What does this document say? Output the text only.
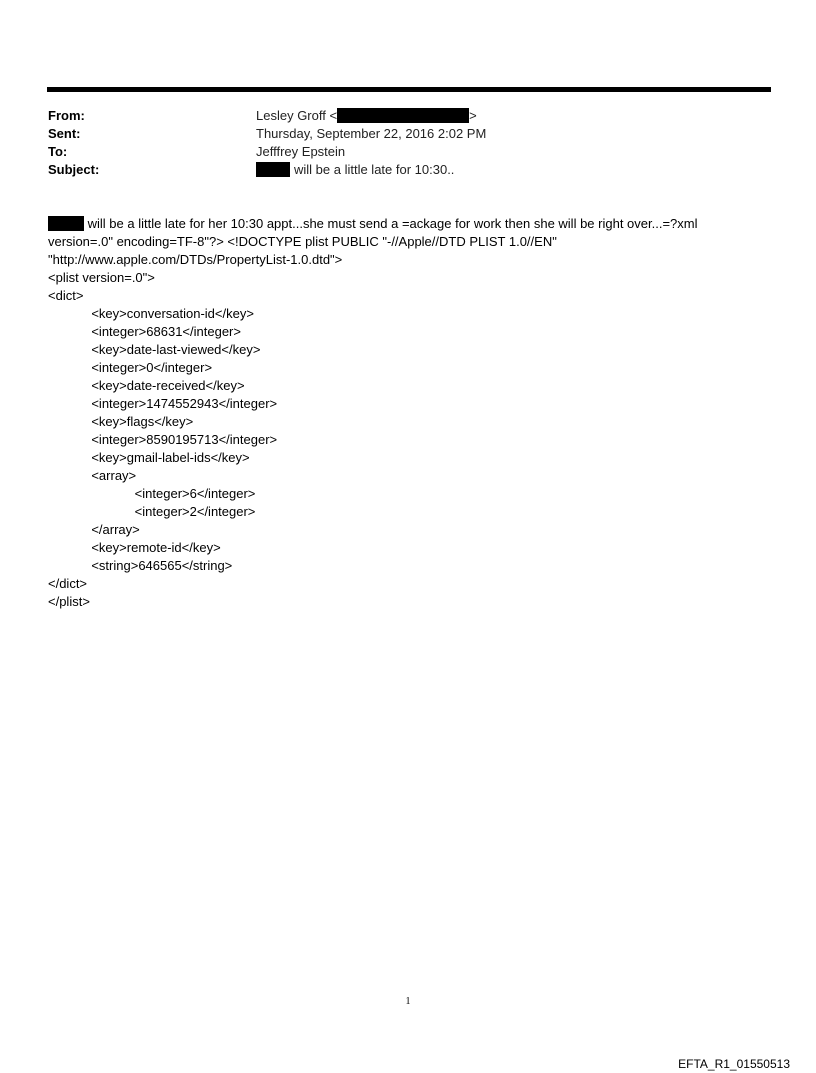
From:	Lesley Groff <	>
Sent:	Thursday, September 22, 2016 2:02 PM
To:	Jefffrey Epstein
Subject:	will be a little late for 10:30..
will be a little late for her 10:30 appt...she must send a =ackage for work then she will be right over...=?xml
version=.0" encoding=TF-8"?> <!DOCTYPE plist PUBLIC "-//Apple//DTD PLIST 1.0//EN"
"http://www.apple.com/DTDs/PropertyList-1.0.dtd">
<plist version=.0">
<dict>
<key>conversation-id</key>
<integer>68631</integer>
<key>date-last-viewed</key>
<integer>0</integer>
<key>date-received</key>
<integer>1474552943</integer>
<key>flags</key>
<integer>8590195713</integer>
<key>gmail-label-ids</key>
<array>
<integer>6</integer>
<integer>2</integer>
</array>
<key>remote-id</key>
<string>646565</string>
</dict>
</plist>
1
EFTA_R1_01550513
